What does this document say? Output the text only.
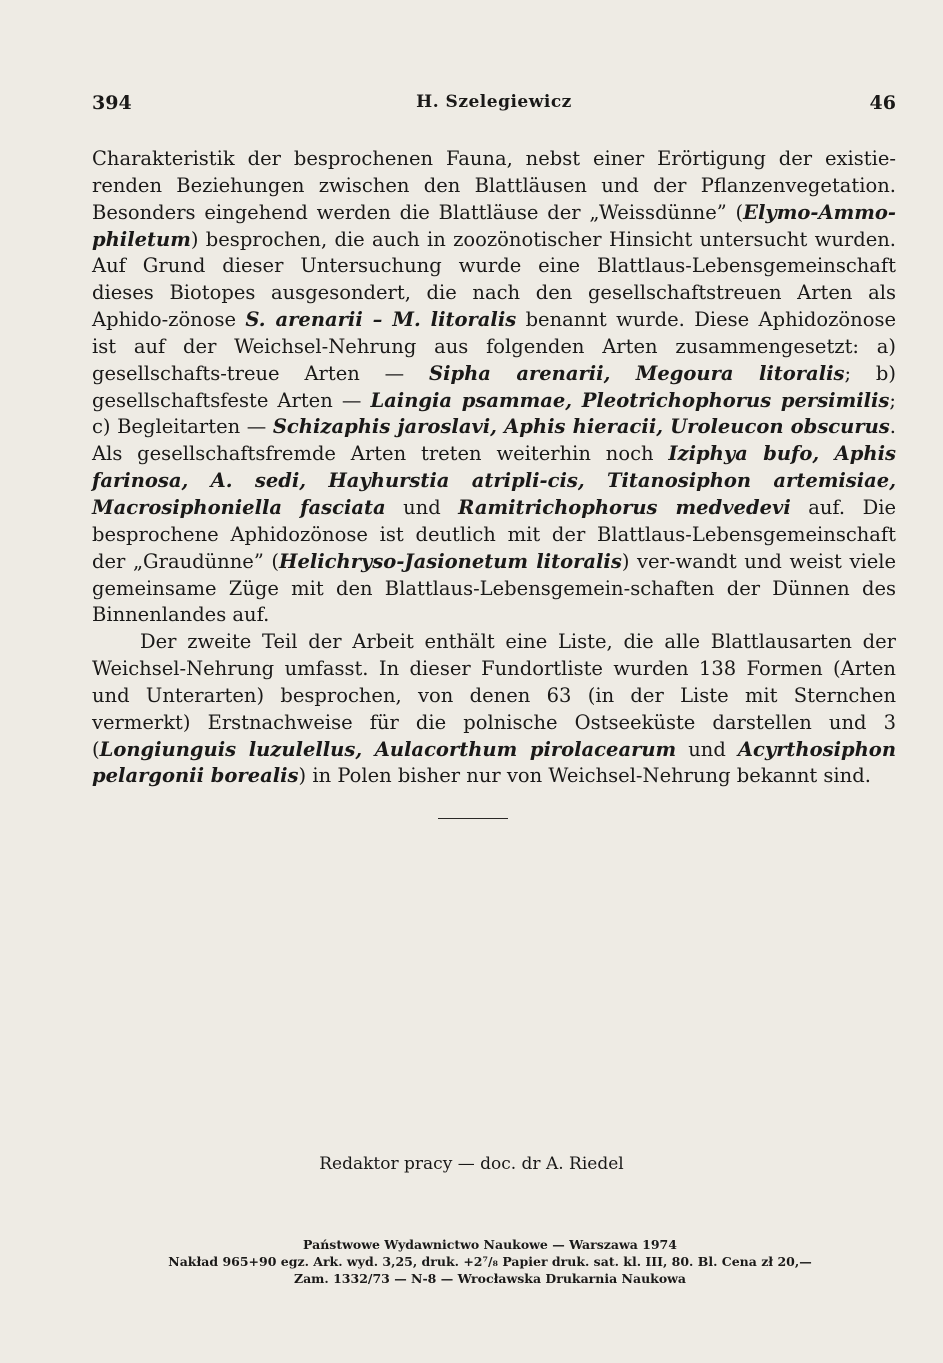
394	H. Szelegiewicz	46

Charakteristik der besprochenen Fauna, nebst einer Erörtigung der existie-renden Beziehungen zwischen den Blattläusen und der Pflanzenvegetation. Besonders eingehend werden die Blattläuse der „Weissdünne” (Elymo-Ammo-philetum) besprochen, die auch in zoozönotischer Hinsicht untersucht wurden. Auf Grund dieser Untersuchung wurde eine Blattlaus-Lebensgemeinschaft dieses Biotopes ausgesondert, die nach den gesellschaftstreuen Arten als Aphido-zönose S. arenarii – M. litoralis benannt wurde. Diese Aphidozönose ist auf der Weichsel-Nehrung aus folgenden Arten zusammengesetzt: a) gesellschafts-treue Arten — Sipha arenarii, Megoura litoralis; b) gesellschaftsfeste Arten — Laingia psammae, Pleotrichophorus persimilis; c) Begleitarten — Schizaphis jaroslavi, Aphis hieracii, Uroleucon obscurus. Als gesellschaftsfremde Arten treten weiterhin noch Iziphya bufo, Aphis farinosa, A. sedi, Hayhurstia atripli-cis, Titanosiphon artemisiae, Macrosiphoniella fasciata und Ramitrichophorus medvedevi auf. Die besprochene Aphidozönose ist deutlich mit der Blattlaus-Lebensgemeinschaft der „Graudünne” (Helichryso-Jasionetum litoralis) ver-wandt und weist viele gemeinsame Züge mit den Blattlaus-Lebensgemein-schaften der Dünnen des Binnenlandes auf.

Der zweite Teil der Arbeit enthält eine Liste, die alle Blattlausarten der Weichsel-Nehrung umfasst. In dieser Fundortliste wurden 138 Formen (Arten und Unterarten) besprochen, von denen 63 (in der Liste mit Sternchen vermerkt) Erstnachweise für die polnische Ostseeküste darstellen und 3 (Longiunguis luzulellus, Aulacorthum pirolacearum und Acyrthosiphon pelargonii borealis) in Polen bisher nur von Weichsel-Nehrung bekannt sind.

Redaktor pracy — doc. dr A. Riedel
Państwowe Wydawnictwo Naukowe — Warszawa 1974
Nakład 965+90 egz. Ark. wyd. 3,25, druk. +2⁷/₈ Papier druk. sat. kl. III, 80. Bl. Cena zł 20,—
Zam. 1332/73 — N-8 — Wrocławska Drukarnia Naukowa
